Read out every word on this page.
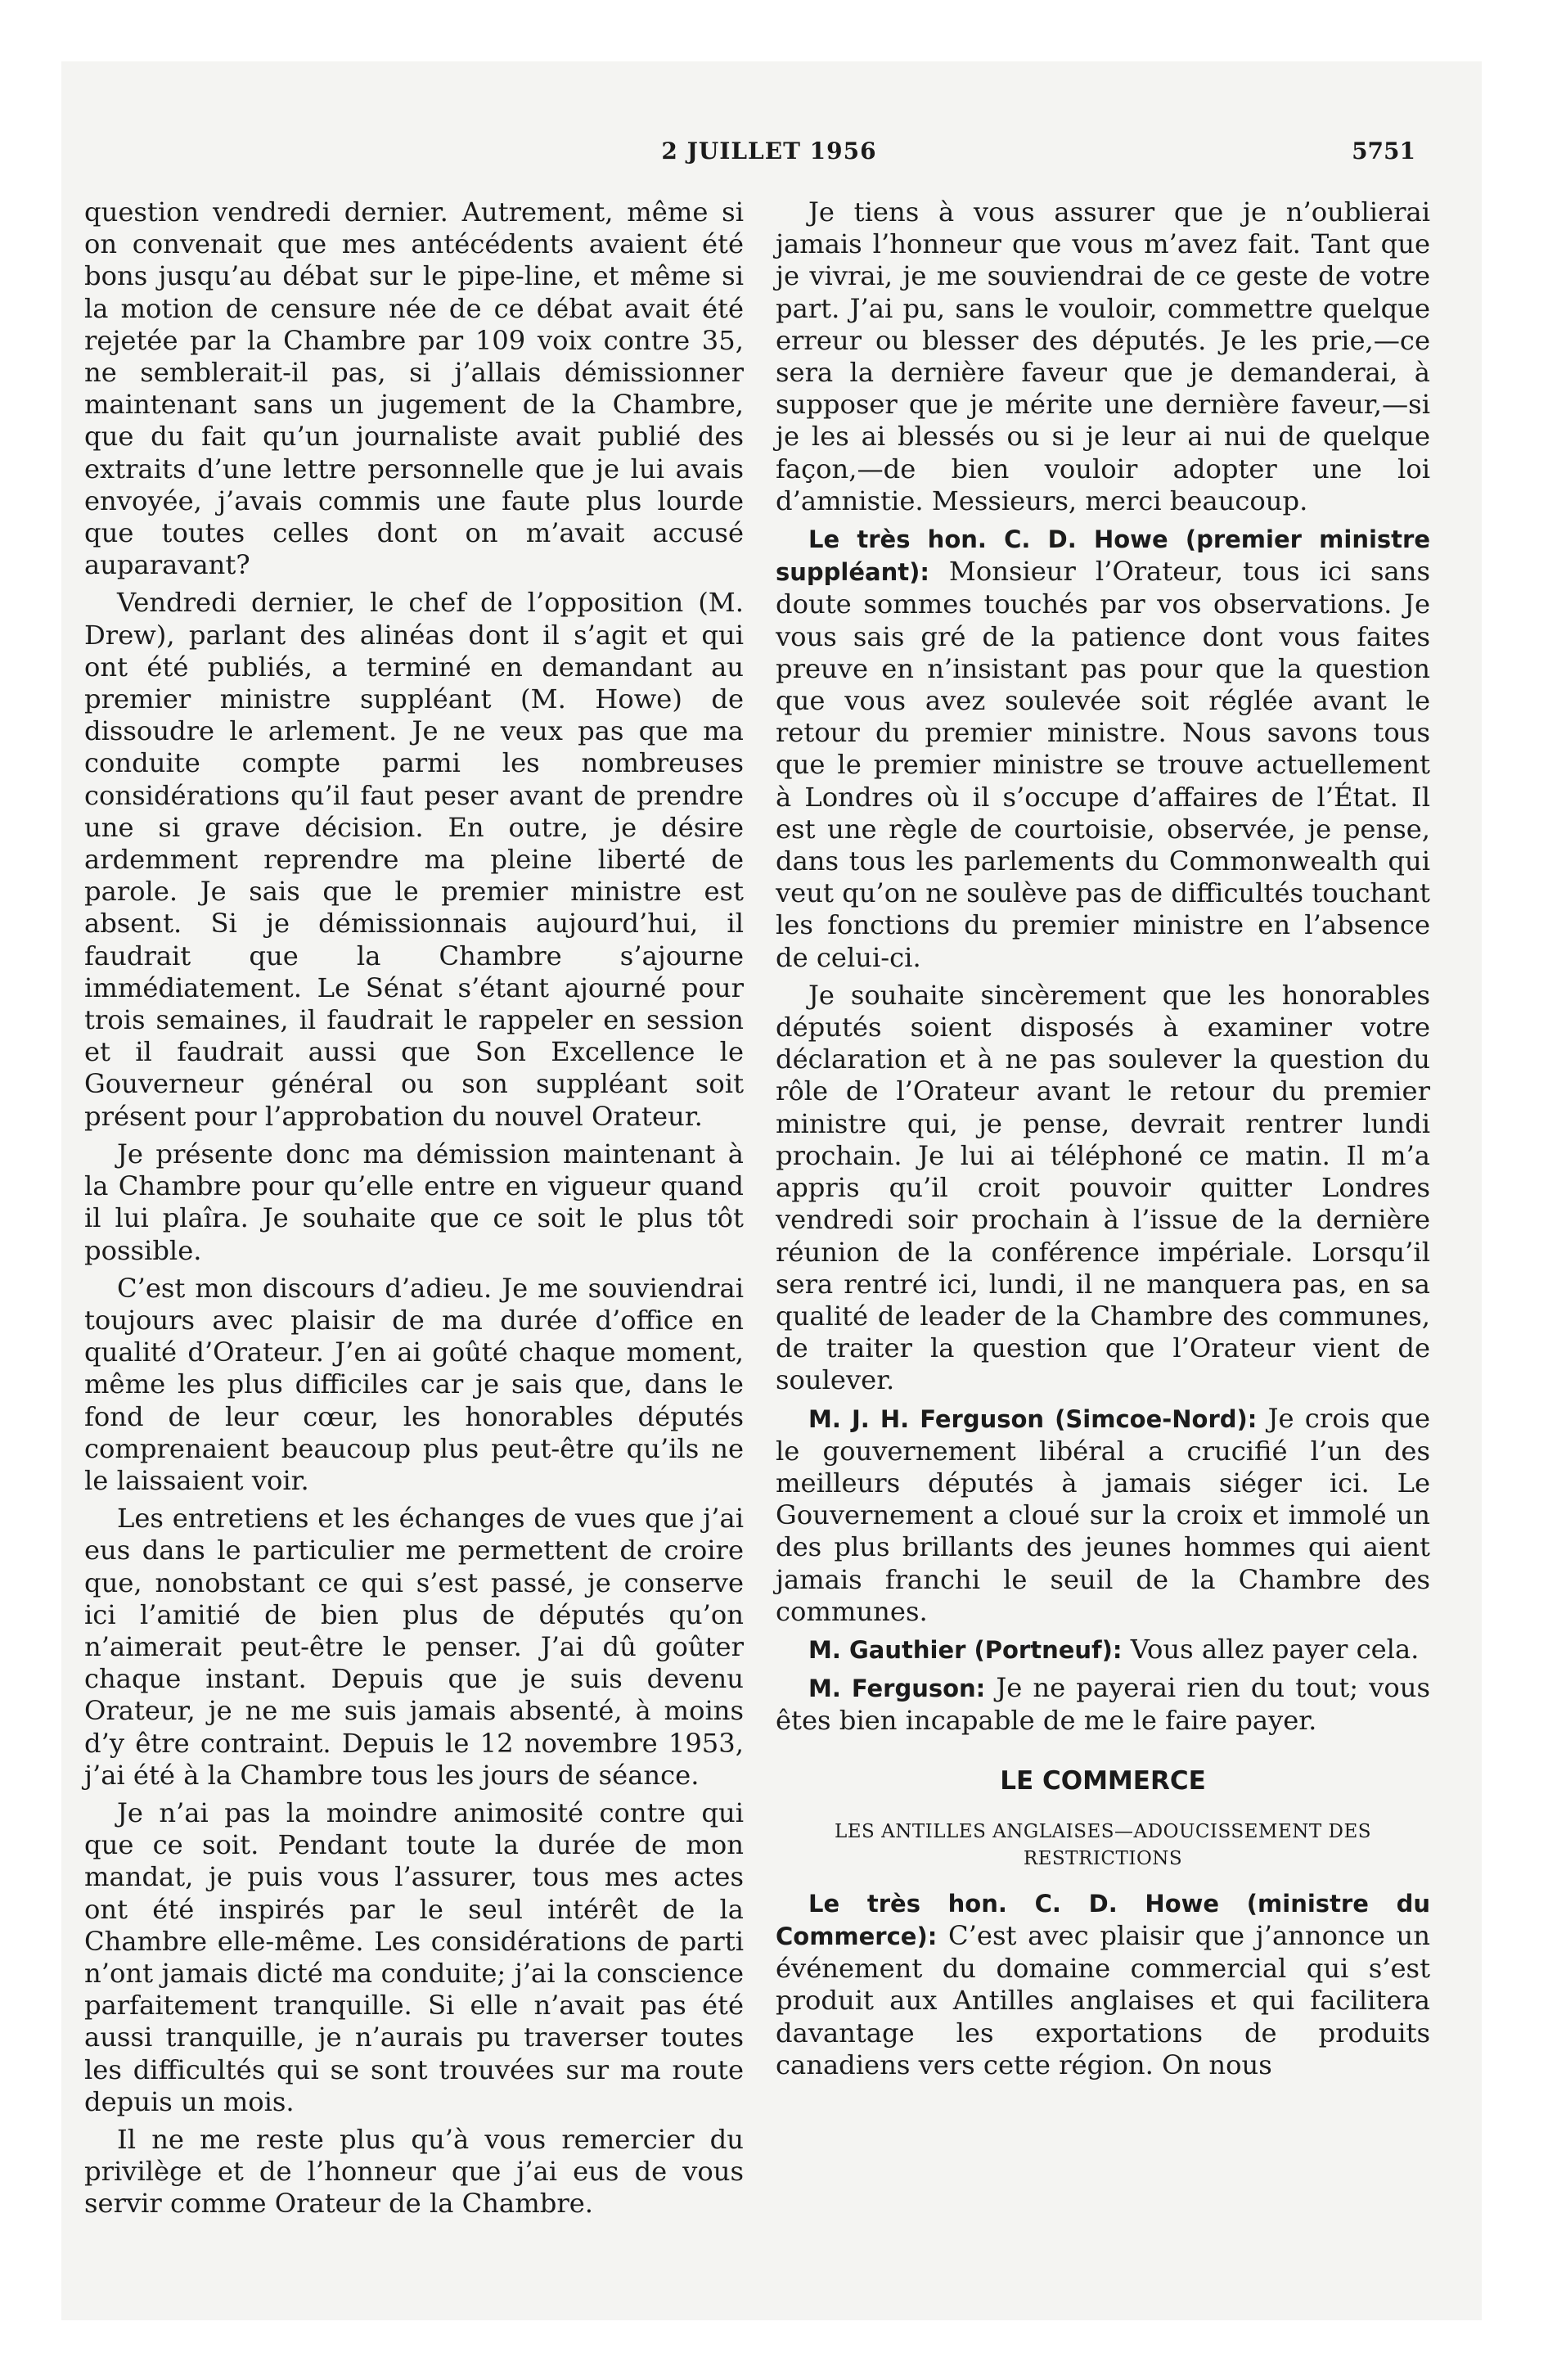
2 JUILLET 1956	5751

question vendredi dernier. Autrement, même si on convenait que mes antécédents avaient été bons jusqu’au débat sur le pipe-line, et même si la motion de censure née de ce débat avait été rejetée par la Chambre par 109 voix contre 35, ne semblerait-il pas, si j’allais démissionner maintenant sans un jugement de la Chambre, que du fait qu’un journaliste avait publié des extraits d’une lettre personnelle que je lui avais envoyée, j’avais commis une faute plus lourde que toutes celles dont on m’avait accusé auparavant?

Vendredi dernier, le chef de l’opposition (M. Drew), parlant des alinéas dont il s’agit et qui ont été publiés, a terminé en demandant au premier ministre suppléant (M. Howe) de dissoudre le arlement. Je ne veux pas que ma conduite compte parmi les nombreuses considérations qu’il faut peser avant de prendre une si grave décision. En outre, je désire ardemment reprendre ma pleine liberté de parole. Je sais que le premier ministre est absent. Si je démissionnais aujourd’hui, il faudrait que la Chambre s’ajourne immédiatement. Le Sénat s’étant ajourné pour trois semaines, il faudrait le rappeler en session et il faudrait aussi que Son Excellence le Gouverneur général ou son suppléant soit présent pour l’approbation du nouvel Orateur.

Je présente donc ma démission maintenant à la Chambre pour qu’elle entre en vigueur quand il lui plaîra. Je souhaite que ce soit le plus tôt possible.

C’est mon discours d’adieu. Je me souviendrai toujours avec plaisir de ma durée d’office en qualité d’Orateur. J’en ai goûté chaque moment, même les plus difficiles car je sais que, dans le fond de leur cœur, les honorables députés comprenaient beaucoup plus peut-être qu’ils ne le laissaient voir.

Les entretiens et les échanges de vues que j’ai eus dans le particulier me permettent de croire que, nonobstant ce qui s’est passé, je conserve ici l’amitié de bien plus de députés qu’on n’aimerait peut-être le penser. J’ai dû goûter chaque instant. Depuis que je suis devenu Orateur, je ne me suis jamais absenté, à moins d’y être contraint. Depuis le 12 novembre 1953, j’ai été à la Chambre tous les jours de séance.

Je n’ai pas la moindre animosité contre qui que ce soit. Pendant toute la durée de mon mandat, je puis vous l’assurer, tous mes actes ont été inspirés par le seul intérêt de la Chambre elle-même. Les considérations de parti n’ont jamais dicté ma conduite; j’ai la conscience parfaitement tranquille. Si elle n’avait pas été aussi tranquille, je n’aurais pu traverser toutes les difficultés qui se sont trouvées sur ma route depuis un mois.

Il ne me reste plus qu’à vous remercier du privilège et de l’honneur que j’ai eus de vous servir comme Orateur de la Chambre.

Je tiens à vous assurer que je n’oublierai jamais l’honneur que vous m’avez fait. Tant que je vivrai, je me souviendrai de ce geste de votre part. J’ai pu, sans le vouloir, commettre quelque erreur ou blesser des députés. Je les prie,—ce sera la dernière faveur que je demanderai, à supposer que je mérite une dernière faveur,—si je les ai blessés ou si je leur ai nui de quelque façon,—de bien vouloir adopter une loi d’amnistie. Messieurs, merci beaucoup.

Le très hon. C. D. Howe (premier ministre suppléant): Monsieur l’Orateur, tous ici sans doute sommes touchés par vos observations. Je vous sais gré de la patience dont vous faites preuve en n’insistant pas pour que la question que vous avez soulevée soit réglée avant le retour du premier ministre. Nous savons tous que le premier ministre se trouve actuellement à Londres où il s’occupe d’affaires de l’État. Il est une règle de courtoisie, observée, je pense, dans tous les parlements du Commonwealth qui veut qu’on ne soulève pas de difficultés touchant les fonctions du premier ministre en l’absence de celui-ci.

Je souhaite sincèrement que les honorables députés soient disposés à examiner votre déclaration et à ne pas soulever la question du rôle de l’Orateur avant le retour du premier ministre qui, je pense, devrait rentrer lundi prochain. Je lui ai téléphoné ce matin. Il m’a appris qu’il croit pouvoir quitter Londres vendredi soir prochain à l’issue de la dernière réunion de la conférence impériale. Lorsqu’il sera rentré ici, lundi, il ne manquera pas, en sa qualité de leader de la Chambre des communes, de traiter la question que l’Orateur vient de soulever.

M. J. H. Ferguson (Simcoe-Nord): Je crois que le gouvernement libéral a crucifié l’un des meilleurs députés à jamais siéger ici. Le Gouvernement a cloué sur la croix et immolé un des plus brillants des jeunes hommes qui aient jamais franchi le seuil de la Chambre des communes.

M. Gauthier (Portneuf): Vous allez payer cela.

M. Ferguson: Je ne payerai rien du tout; vous êtes bien incapable de me le faire payer.

LE COMMERCE
LES ANTILLES ANGLAISES—ADOUCISSEMENT DES RESTRICTIONS

Le très hon. C. D. Howe (ministre du Commerce): C’est avec plaisir que j’annonce un événement du domaine commercial qui s’est produit aux Antilles anglaises et qui facilitera davantage les exportations de produits canadiens vers cette région. On nous
